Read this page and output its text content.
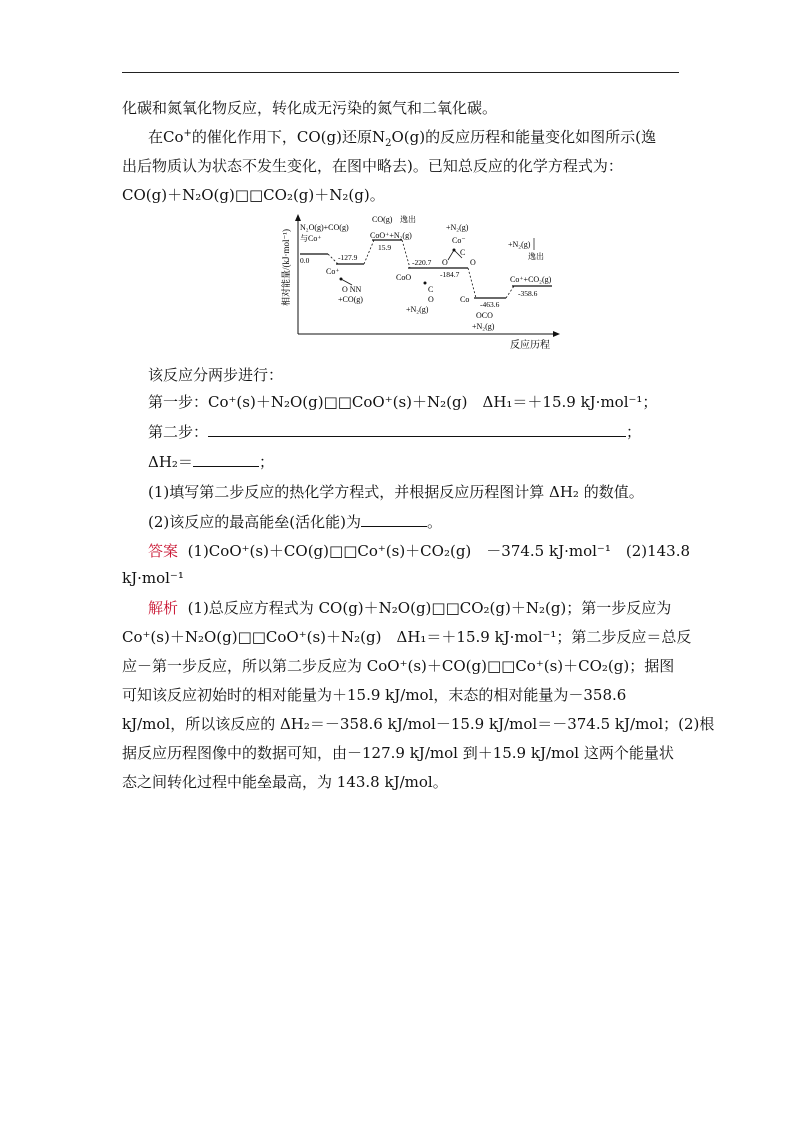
化碳和氮氧化物反应，转化成无污染的氮气和二氧化碳。
在Co+的催化作用下，CO(g)还原$N_2O(g)$的反应历程和能量变化如图所示(逸
出后物质认为状态不发生变化，在图中略去)。已知总反应的化学方程式为：
CO(g)＋N₂O(g)□□CO₂(g)＋N₂(g)。
相对能量/(kJ·mol⁻¹)
反应历程
N₂O(g)+CO(g)
与Co⁺
0.0	-127.9
Co⁺
O NN
+CO(g)
CO(g) 逸出
CoO⁺+N₂(g)
15.9
-220.7
CoO
C
O
+N₂(g)
-184.7
+N₂(g)
Co⁻
O
C
O
Co
-463.6
OCO
+N₂(g)
+N₂(g)
逸出
Co⁺+CO₂(g)
-358.6
该反应分两步进行：
第一步：Co⁺(s)＋N₂O(g)□□CoO⁺(s)＋N₂(g)　ΔH₁＝＋15.9 kJ·mol⁻¹；
第二步：	；
ΔH₂＝	；
(1)填写第二步反应的热化学方程式，并根据反应历程图计算 ΔH₂ 的数值。
(2)该反应的最高能垒(活化能)为	。
答案 (1)CoO⁺(s)＋CO(g)□□Co⁺(s)＋CO₂(g)　－374.5 kJ·mol⁻¹　(2)143.8
kJ·mol⁻¹
解析 (1)总反应方程式为 CO(g)＋N₂O(g)□□CO₂(g)＋N₂(g)；第一步反应为
Co⁺(s)＋N₂O(g)□□CoO⁺(s)＋N₂(g)　ΔH₁＝＋15.9 kJ·mol⁻¹；第二步反应＝总反
应－第一步反应，所以第二步反应为 CoO⁺(s)＋CO(g)□□Co⁺(s)＋CO₂(g)；据图
可知该反应初始时的相对能量为＋15.9 kJ/mol，末态的相对能量为－358.6
kJ/mol，所以该反应的 ΔH₂＝－358.6 kJ/mol－15.9 kJ/mol＝－374.5 kJ/mol；(2)根
据反应历程图像中的数据可知，由－127.9 kJ/mol 到＋15.9 kJ/mol 这两个能量状
态之间转化过程中能垒最高，为 143.8 kJ/mol。
